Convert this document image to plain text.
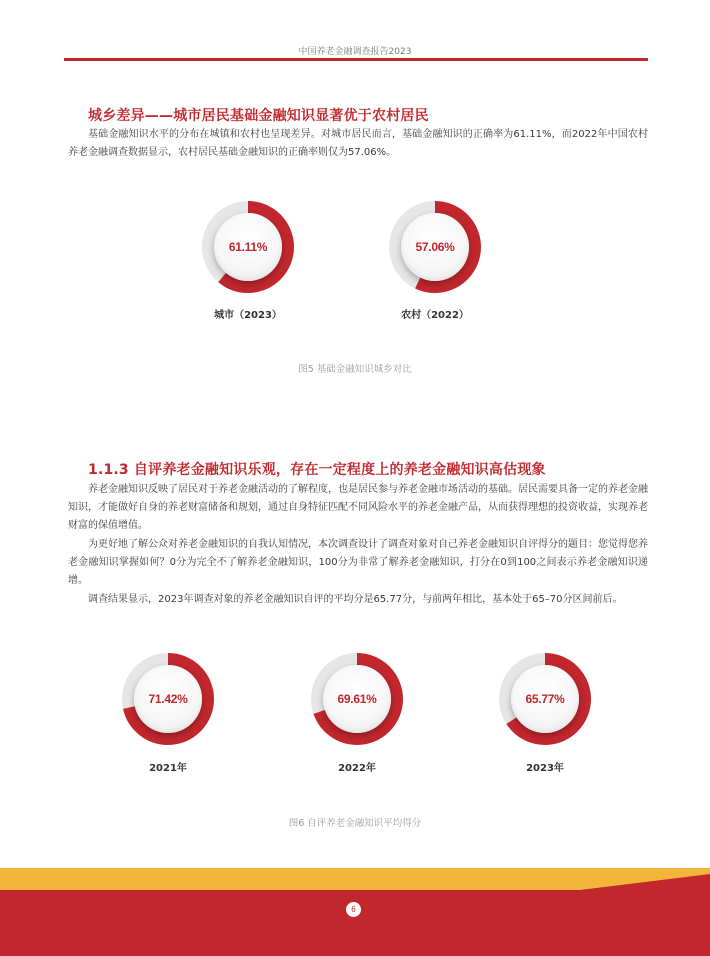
中国养老金融调查报告2023
城乡差异——城市居民基础金融知识显著优于农村居民

基础金融知识水平的分布在城镇和农村也呈现差异。对城市居民而言，基础金融知识的正确率为61.11%，而2022年中国农村养老金融调查数据显示，农村居民基础金融知识的正确率则仅为57.06%。

61.11%	57.06%
城市（2023）	农村（2022）
图5 基础金融知识城乡对比
1.1.3 自评养老金融知识乐观，存在一定程度上的养老金融知识高估现象

养老金融知识反映了居民对于养老金融活动的了解程度，也是居民参与养老金融市场活动的基础。居民需要具备一定的养老金融知识，才能做好自身的养老财富储备和规划，通过自身特征匹配不同风险水平的养老金融产品，从而获得理想的投资收益，实现养老财富的保值增值。

为更好地了解公众对养老金融知识的自我认知情况，本次调查设计了调查对象对自己养老金融知识自评得分的题目：您觉得您养老金融知识掌握如何？0分为完全不了解养老金融知识，100分为非常了解养老金融知识，打分在0到100之间表示养老金融知识递增。

调查结果显示，2023年调查对象的养老金融知识自评的平均分是65.77分，与前两年相比，基本处于65–70分区间前后。

71.42%	69.61%	65.77%
2021年	2022年	2023年
图6 自评养老金融知识平均得分
6
